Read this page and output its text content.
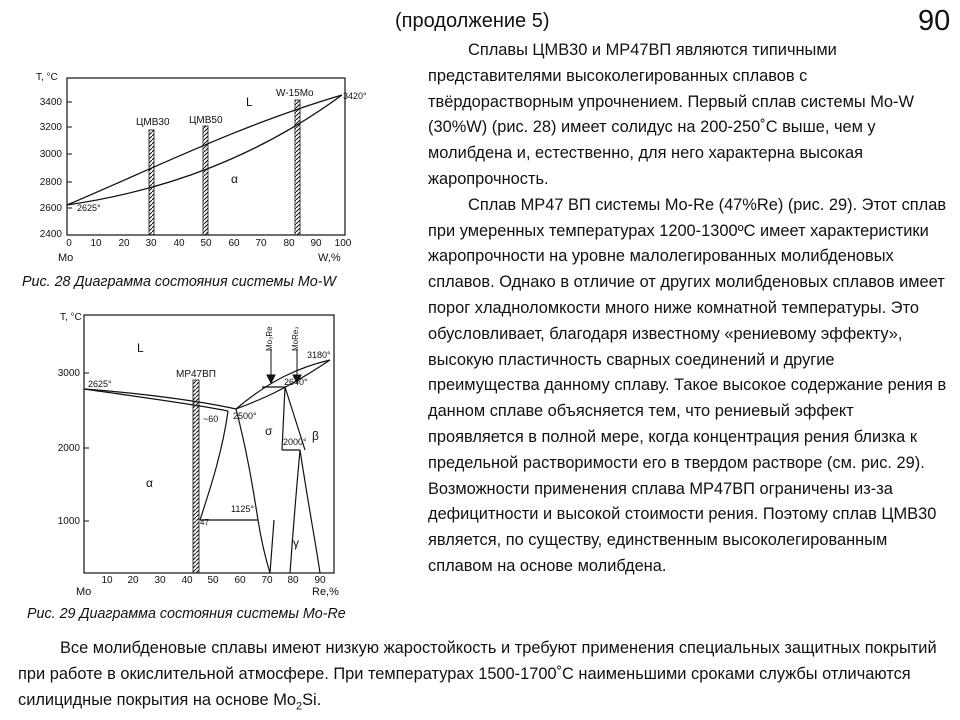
(продолжение 5)	90
T, °C
3400
3200
3000
2800
2600
2400
0 10 20 30 40 50 60 70 80 90 100
Mo	W,%
L
α
ЦМВ30 ЦМВ50
W-15Mo	3420°
2625°
Рис. 28 Диаграмма состояния системы Mo-W
T, °C
3000
2000
1000
10 20 30 40 50 60 70 80 90
Mo	Re,%
L
α
σ	β
γ
МР47ВП
Mo₃Re MoRe₃
2625°
3180°
2640°
2500°
2000°
1125°
~60
47
Рис. 29 Диаграмма состояния системы Mo-Re

Сплавы ЦМВ30 и МР47ВП являются типичными представителями высоколегированных сплавов с твёрдорастворным упрочнением. Первый сплав системы Mo-W (30%W) (рис. 28) имеет солидус на 200-250˚С выше, чем у молибдена и, естественно, для него характерна высокая жаропрочность.

Сплав МР47 ВП системы Mo-Re (47%Re) (рис. 29). Этот сплав при умеренных температурах 1200-1300ºС имеет характеристики жаропрочности на уровне малолегированных молибденовых сплавов. Однако в отличие от других молибденовых сплавов имеет порог хладноломкости много ниже комнатной температуры. Это обусловливает, благодаря известному «рениевому эффекту», высокую пластичность сварных соединений и другие преимущества данному сплаву. Такое высокое содержание рения в данном сплаве объясняется тем, что рениевый эффект проявляется в полной мере, когда концентрация рения близка к предельной растворимости его в твердом растворе (см. рис. 29). Возможности применения сплава МР47ВП ограничены из-за дефицитности и высокой стоимости рения. Поэтому сплав ЦМВ30 является, по существу, единственным высоколегированным сплавом на основе молибдена.

Все молибденовые сплавы имеют низкую жаростойкость и требуют применения специальных защитных покрытий при работе в окислительной атмосфере. При температурах 1500-1700˚С наименьшими сроками службы отличаются силицидные покрытия на основе $Mo_2Si$.
